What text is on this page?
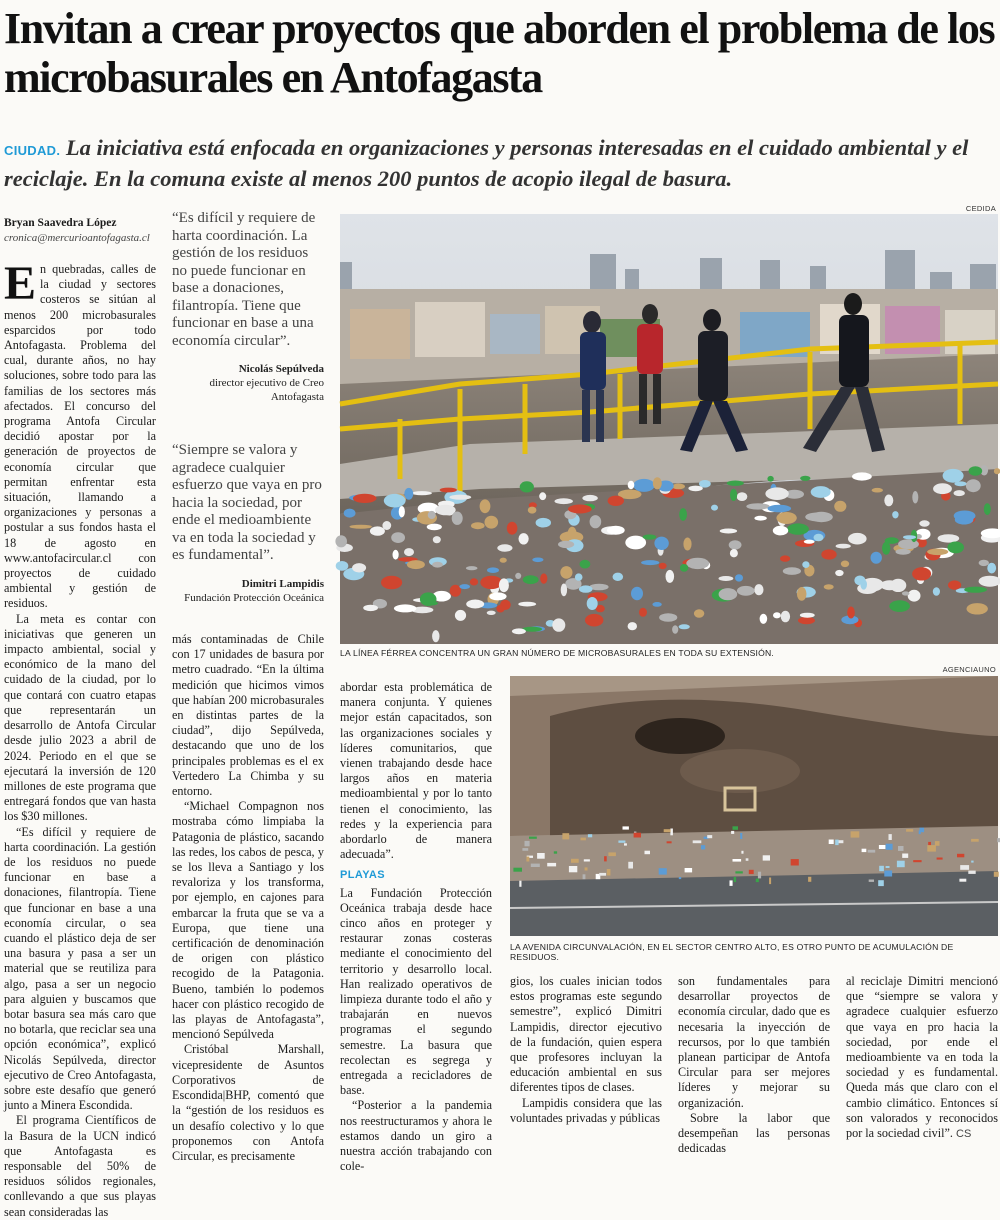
Invitan a crear proyectos que aborden el problema de los microbasurales en Antofagasta
CIUDAD. La iniciativa está enfocada en organizaciones y personas interesadas en el cuidado ambiental y el reciclaje. En la comuna existe al menos 200 puntos de acopio ilegal de basura.
Bryan Saavedra López
cronica@mercurioantofagasta.cl
E n quebradas, calles de la ciudad y sectores costeros se sitúan al menos 200 microbasurales esparcidos por todo Antofagasta. Problema del cual, durante años, no hay soluciones, sobre todo para las familias de los sectores más afectados. El concurso del programa Antofa Circular decidió apostar por la generación de proyectos de economía circular que permitan enfrentar esta situación, llamando a organizaciones y personas a postular a sus fondos hasta el 18 de agosto en www.antofacircular.cl con proyectos de cuidado ambiental y gestión de residuos.

La meta es contar con iniciativas que generen un impacto ambiental, social y económico de la mano del cuidado de la ciudad, por lo que contará con cuatro etapas que representarán un desarrollo de Antofa Circular desde julio 2023 a abril de 2024. Periodo en el que se ejecutará la inversión de 120 millones de este programa que entregará fondos que van hasta los $30 millones.

“Es difícil y requiere de harta coordinación. La gestión de los residuos no puede funcionar en base a donaciones, filantropía. Tiene que funcionar en base a una economía circular, o sea cuando el plástico deja de ser una basura y pasa a ser un material que se reutiliza para algo, pasa a ser un negocio para alguien y buscamos que botar basura sea más caro que no botarla, que reciclar sea una opción económica”, explicó Nicolás Sepúlveda, director ejecutivo de Creo Antofagasta, sobre este desafío que generó junto a Minera Escondida.

El programa Científicos de la Basura de la UCN indicó que Antofagasta es responsable del 50% de residuos sólidos regionales, conllevando a que sus playas sean consideradas las

“Es difícil y requiere de harta coordinación. La gestión de los residuos no puede funcionar en base a donaciones, filantropía. Tiene que funcionar en base a una economía circular”.
Nicolás Sepúlveda
director ejecutivo de Creo Antofagasta
“Siempre se valora y agradece cualquier esfuerzo que vaya en pro hacia la sociedad, por ende el medioambiente va en toda la sociedad y es fundamental”.
Dimitri Lampidis
Fundación Protección Oceánica

más contaminadas de Chile con 17 unidades de basura por metro cuadrado. “En la última medición que hicimos vimos que habían 200 microbasurales en distintas partes de la ciudad”, dijo Sepúlveda, destacando que uno de los principales problemas es el ex Vertedero La Chimba y su entorno.

“Michael Compagnon nos mostraba cómo limpiaba la Patagonia de plástico, sacando las redes, los cabos de pesca, y se los lleva a Santiago y los revaloriza y los transforma, por ejemplo, en cajones para embarcar la fruta que se va a Europa, que tiene una certificación de denominación de origen con plástico recogido de la Patagonia. Bueno, también lo podemos hacer con plástico recogido de las playas de Antofagasta”, mencionó Sepúlveda

Cristóbal Marshall, vicepresidente de Asuntos Corporativos de Escondida|BHP, comentó que la “gestión de los residuos es un desafío colectivo y lo que proponemos con Antofa Circular, es precisamente

CEDIDA
LA LÍNEA FÉRREA CONCENTRA UN GRAN NÚMERO DE MICROBASURALES EN TODA SU EXTENSIÓN.

abordar esta problemática de manera conjunta. Y quienes mejor están capacitados, son las organizaciones sociales y líderes comunitarios, que vienen trabajando desde hace largos años en materia medioambiental y por lo tanto tienen el conocimiento, las redes y la experiencia para abordarlo de manera adecuada”.

PLAYAS

La Fundación Protección Oceánica trabaja desde hace cinco años en proteger y restaurar zonas costeras mediante el conocimiento del territorio y desarrollo local. Han realizado operativos de limpieza durante todo el año y trabajarán en nuevos programas el segundo semestre. La basura que recolectan es segrega y entregada a recicladores de base.

“Posterior a la pandemia nos reestructuramos y ahora le estamos dando un giro a nuestra acción trabajando con cole-

AGENCIAUNO
LA AVENIDA CIRCUNVALACIÓN, EN EL SECTOR CENTRO ALTO, ES OTRO PUNTO DE ACUMULACIÓN DE RESIDUOS.

gios, los cuales inician todos estos programas este segundo semestre”, explicó Dimitri Lampidis, director ejecutivo de la fundación, quien espera que profesores incluyan la educación ambiental en sus diferentes tipos de clases.

Lampidis considera que las voluntades privadas y públicas

son fundamentales para desarrollar proyectos de economía circular, dado que es necesaria la inyección de recursos, por lo que también planean participar de Antofa Circular para ser mejores líderes y mejorar su organización.

Sobre la labor que desempeñan las personas dedicadas

al reciclaje Dimitri mencionó que “siempre se valora y agradece cualquier esfuerzo que vaya en pro hacia la sociedad, por ende el medioambiente va en toda la sociedad y es fundamental. Queda más que claro con el cambio climático. Entonces sí son valorados y reconocidos por la sociedad civil”. CS
